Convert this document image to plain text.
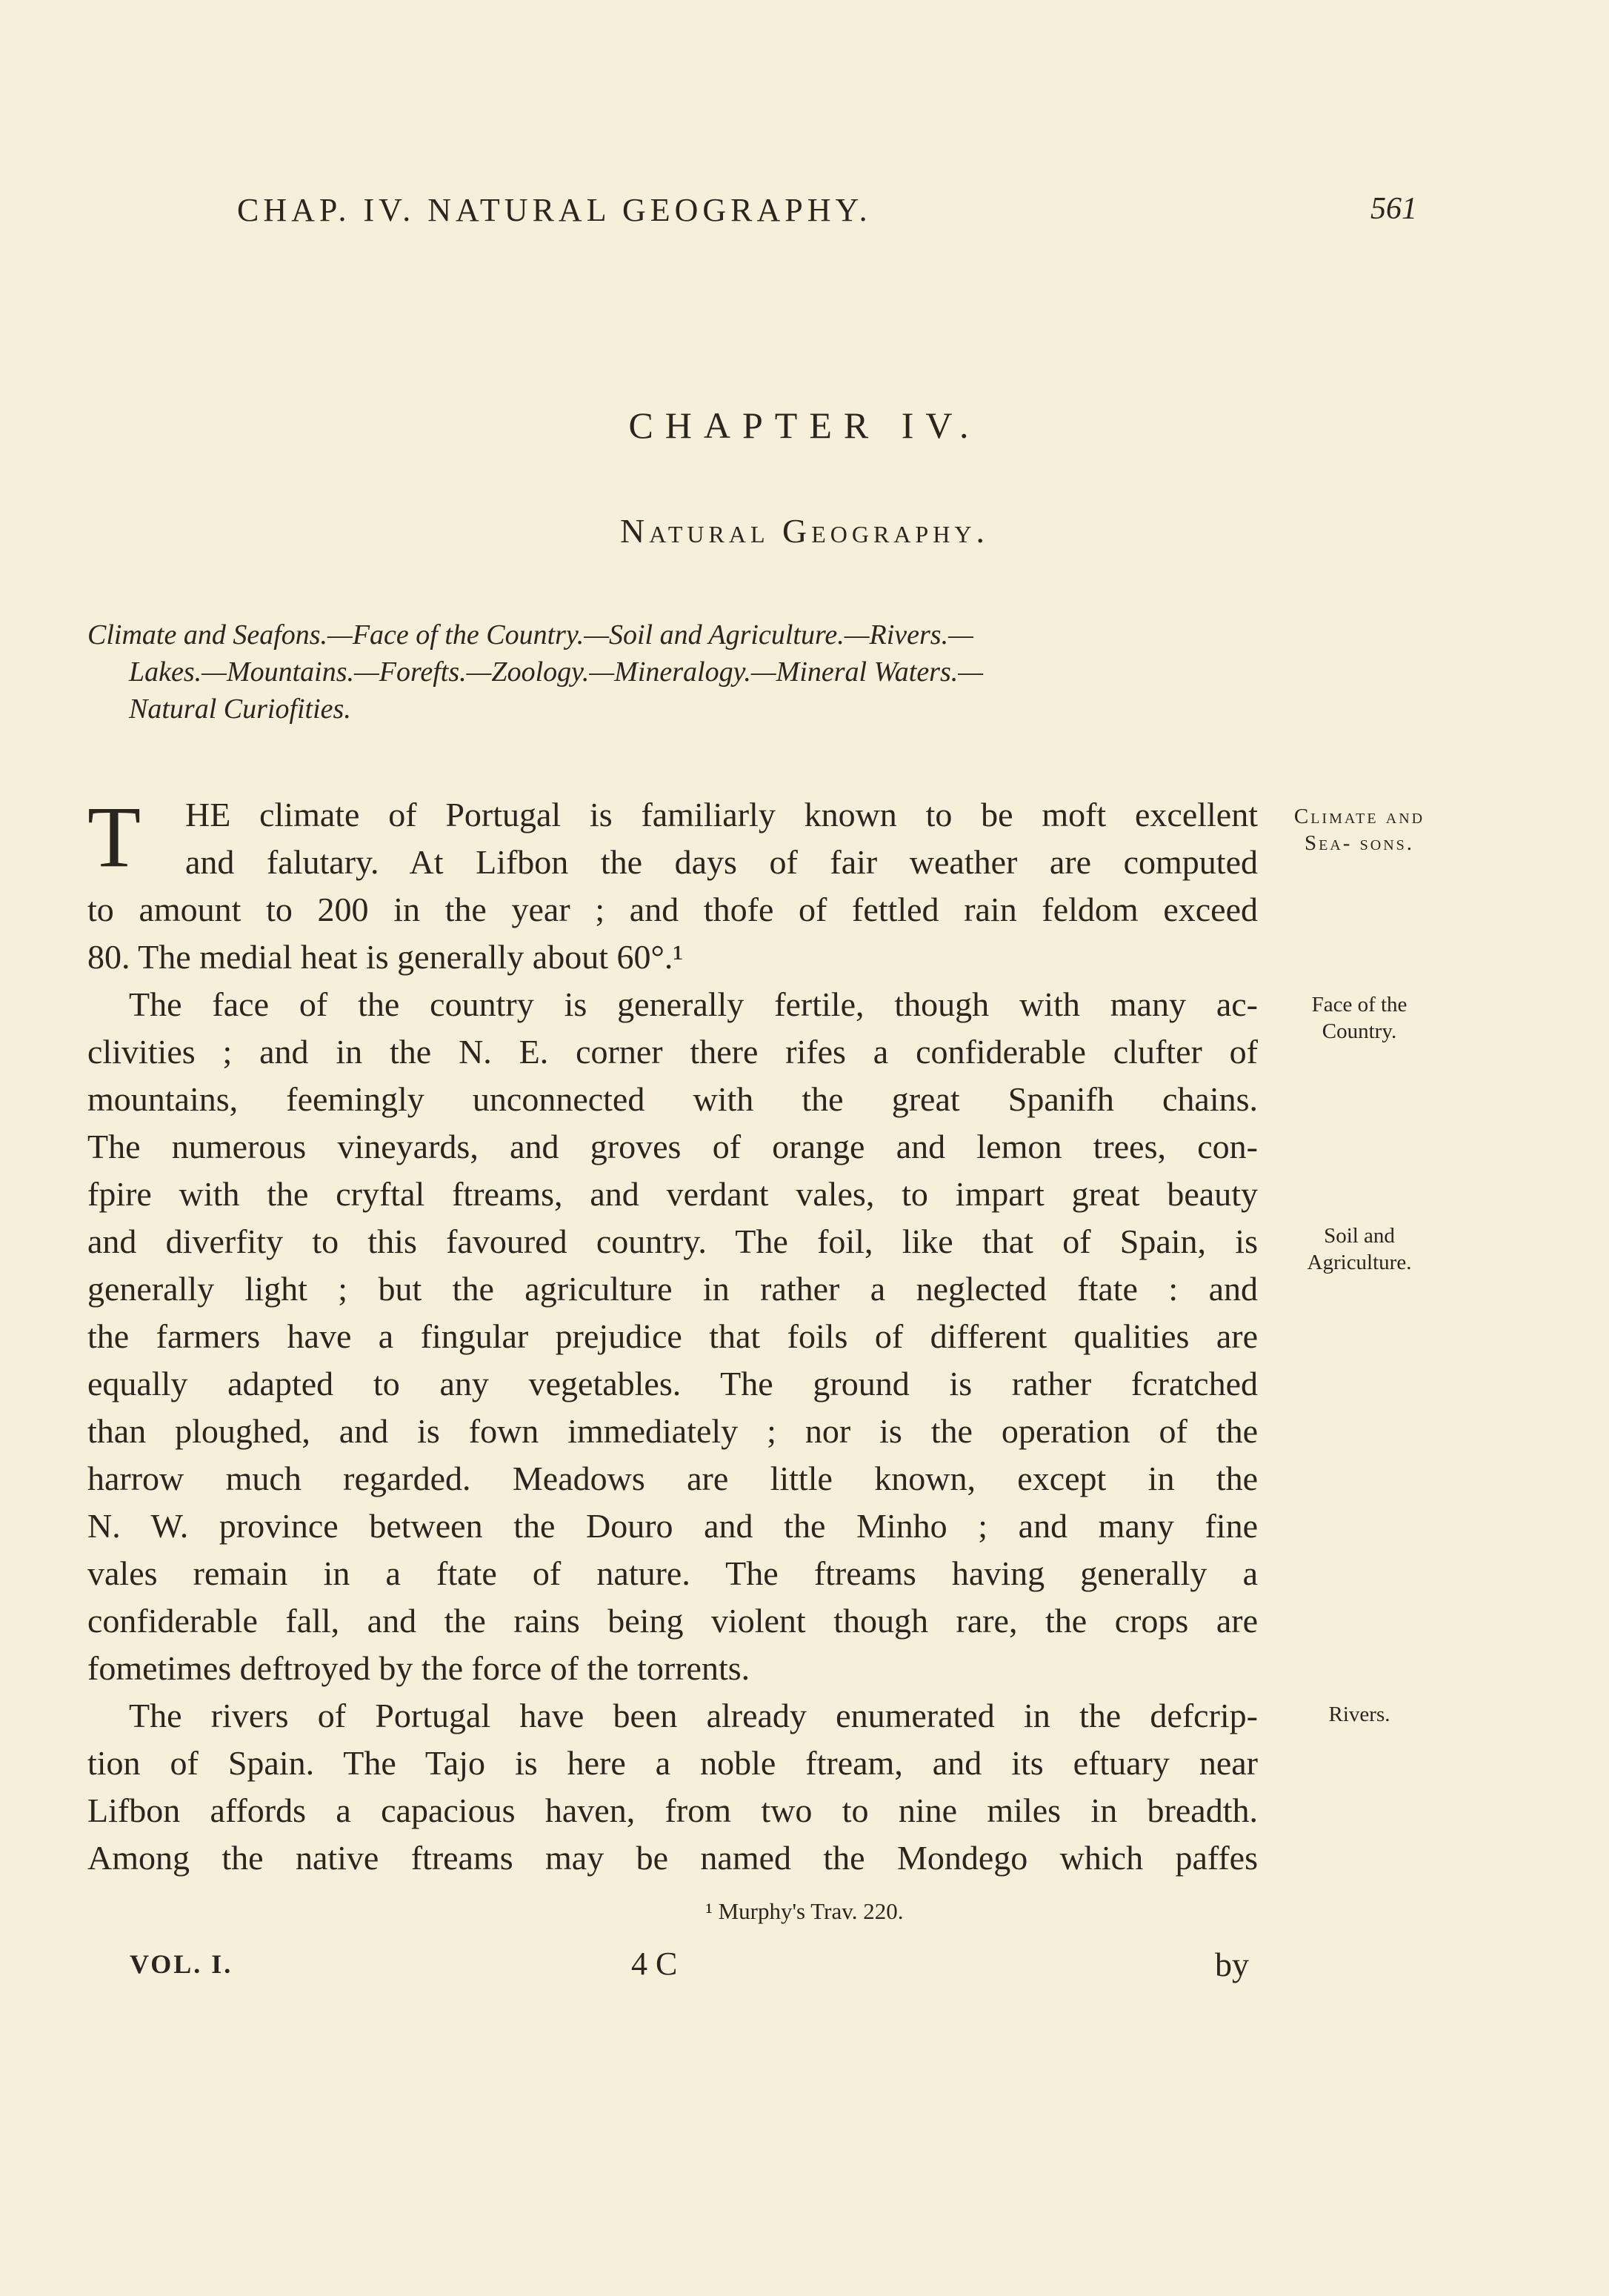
CHAP. IV. NATURAL GEOGRAPHY.	561
CHAPTER IV.
Natural Geography.
Climate and Seafons.—Face of the Country.—Soil and Agriculture.—Rivers.—
Lakes.—Mountains.—Forefts.—Zoology.—Mineralogy.—Mineral Waters.—
Natural Curiofities.
T	HE climate of Portugal is familiarly known to be moft excellent
and falutary. At Lifbon the days of fair weather are computed
to amount to 200 in the year ; and thofe of fettled rain feldom exceed
80. The medial heat is generally about 60°.¹
The face of the country is generally fertile, though with many ac-
clivities ; and in the N. E. corner there rifes a confiderable clufter of
mountains, feemingly unconnected with the great Spanifh chains.
The numerous vineyards, and groves of orange and lemon trees, con-
fpire with the cryftal ftreams, and verdant vales, to impart great beauty
and diverfity to this favoured country. The foil, like that of Spain, is
generally light ; but the agriculture in rather a neglected ftate : and
the farmers have a fingular prejudice that foils of different qualities are
equally adapted to any vegetables. The ground is rather fcratched
than ploughed, and is fown immediately ; nor is the operation of the
harrow much regarded. Meadows are little known, except in the
N. W. province between the Douro and the Minho ; and many fine
vales remain in a ftate of nature. The ftreams having generally a
confiderable fall, and the rains being violent though rare, the crops are
fometimes deftroyed by the force of the torrents.
The rivers of Portugal have been already enumerated in the defcrip-
tion of Spain. The Tajo is here a noble ftream, and its eftuary near
Lifbon affords a capacious haven, from two to nine miles in breadth.
Among the native ftreams may be named the Mondego which paffes
Climate and Sea- sons.
Face of the Country.
Soil and Agriculture.
Rivers.
¹ Murphy's Trav. 220.
VOL. I.	4 C	by
